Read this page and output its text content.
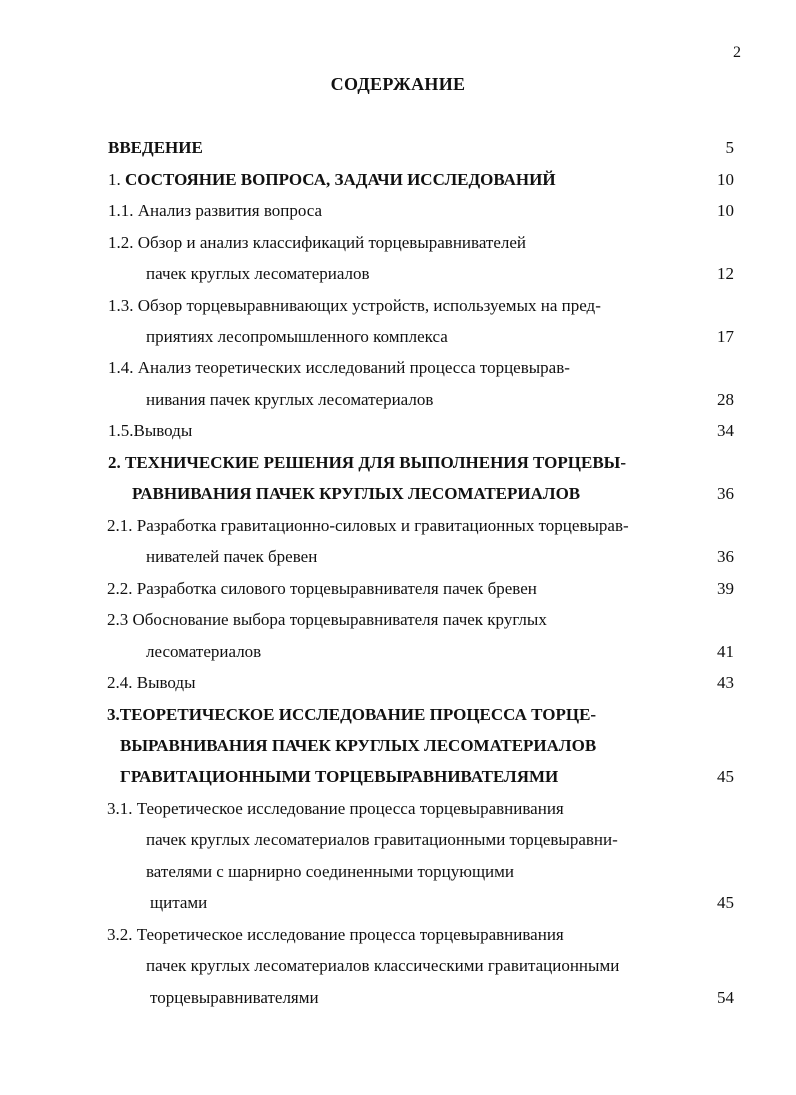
2
СОДЕРЖАНИЕ
ВВЕДЕНИЕ	5
1. СОСТОЯНИЕ ВОПРОСА, ЗАДАЧИ ИССЛЕДОВАНИЙ	10
1.1. Анализ развития вопроса	10
1.2. Обзор и анализ классификаций торцевыравнивателей
пачек круглых лесоматериалов	12
1.3. Обзор торцевыравнивающих устройств, используемых на пред-
приятиях лесопромышленного комплекса	17
1.4. Анализ теоретических исследований процесса торцевырав-
нивания пачек круглых лесоматериалов	28
1.5.Выводы	34
2. ТЕХНИЧЕСКИЕ РЕШЕНИЯ ДЛЯ ВЫПОЛНЕНИЯ ТОРЦЕВЫ-
РАВНИВАНИЯ ПАЧЕК КРУГЛЫХ ЛЕСОМАТЕРИАЛОВ	36
2.1. Разработка гравитационно-силовых и гравитационных торцевырав-
нивателей пачек бревен	36
2.2. Разработка силового торцевыравнивателя пачек бревен	39
2.3 Обоснование выбора торцевыравнивателя пачек круглых
лесоматериалов	41
2.4. Выводы	43
3.ТЕОРЕТИЧЕСКОЕ ИССЛЕДОВАНИЕ ПРОЦЕССА ТОРЦЕ-
ВЫРАВНИВАНИЯ ПАЧЕК КРУГЛЫХ ЛЕСОМАТЕРИАЛОВ
ГРАВИТАЦИОННЫМИ ТОРЦЕВЫРАВНИВАТЕЛЯМИ	45
3.1. Теоретическое исследование процесса торцевыравнивания
пачек круглых лесоматериалов гравитационными торцевыравни-
вателями с шарнирно соединенными торцующими
щитами	45
3.2. Теоретическое исследование процесса торцевыравнивания
пачек круглых лесоматериалов классическими гравитационными
торцевыравнивателями	54
